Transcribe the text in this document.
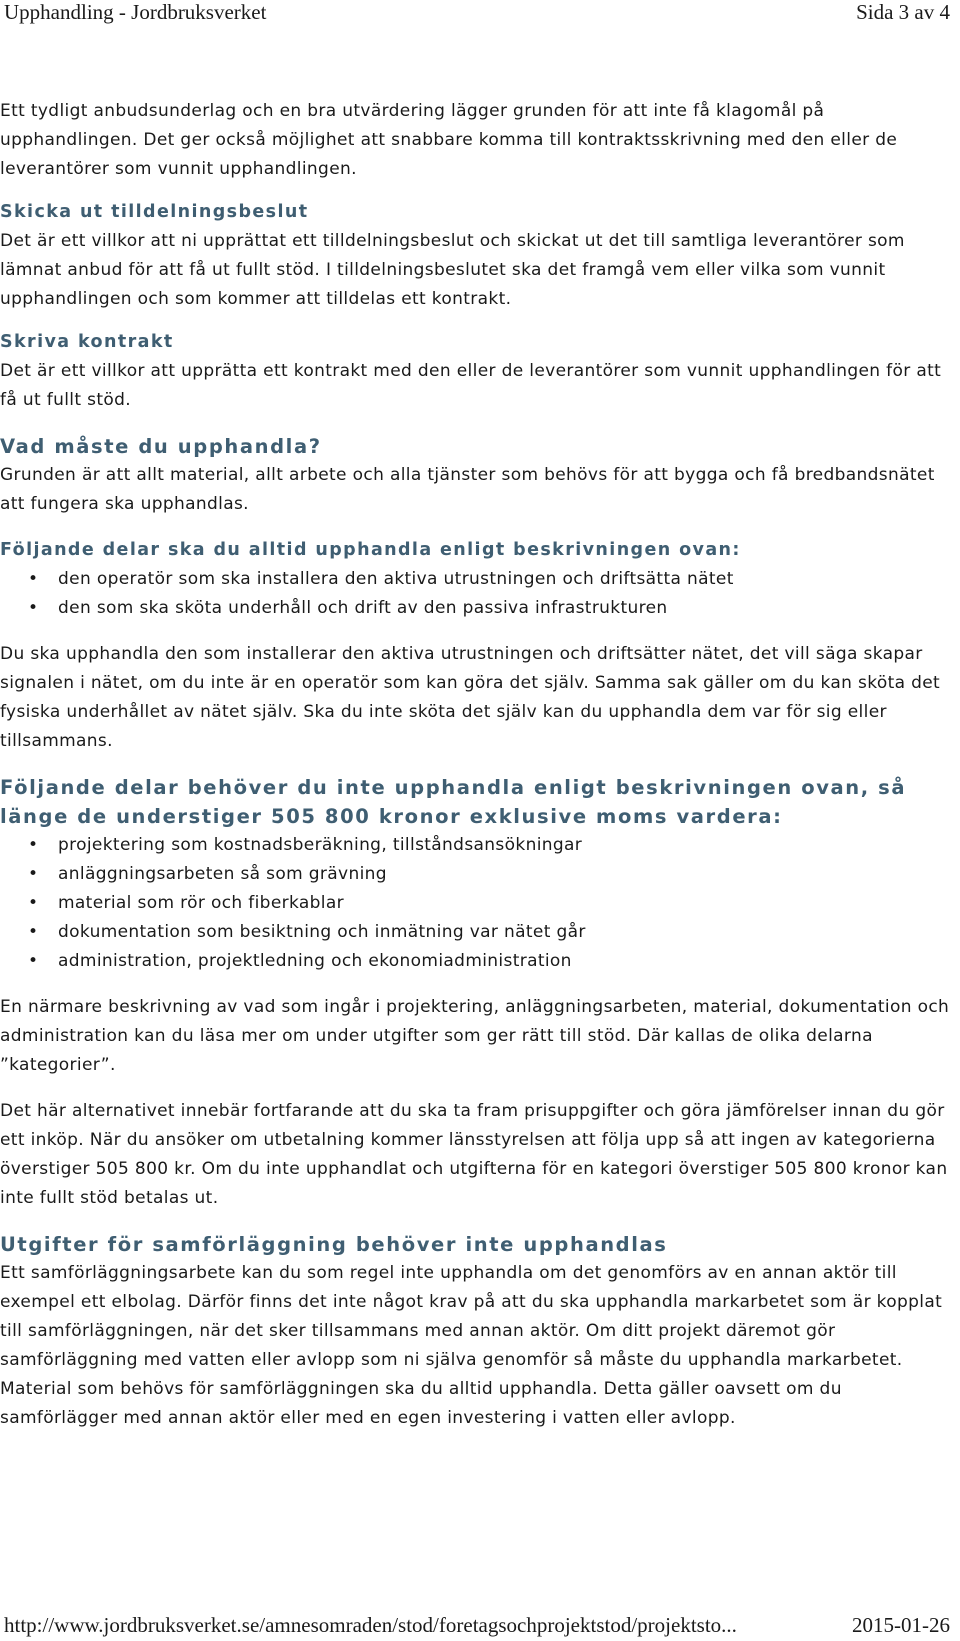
Upphandling - Jordbruksverket	Sida 3 av 4

Ett tydligt anbudsunderlag och en bra utvärdering lägger grunden för att inte få klagomål på upphandlingen. Det ger också möjlighet att snabbare komma till kontraktsskrivning med den eller de leverantörer som vunnit upphandlingen.

Skicka ut tilldelningsbeslut

Det är ett villkor att ni upprättat ett tilldelningsbeslut och skickat ut det till samtliga leverantörer som lämnat anbud för att få ut fullt stöd. I tilldelningsbeslutet ska det framgå vem eller vilka som vunnit upphandlingen och som kommer att tilldelas ett kontrakt.

Skriva kontrakt

Det är ett villkor att upprätta ett kontrakt med den eller de leverantörer som vunnit upphandlingen för att få ut fullt stöd.

Vad måste du upphandla?

Grunden är att allt material, allt arbete och alla tjänster som behövs för att bygga och få bredbandsnätet att fungera ska upphandlas.

Följande delar ska du alltid upphandla enligt beskrivningen ovan:
• den operatör som ska installera den aktiva utrustningen och driftsätta nätet
• den som ska sköta underhåll och drift av den passiva infrastrukturen

Du ska upphandla den som installerar den aktiva utrustningen och driftsätter nätet, det vill säga skapar signalen i nätet, om du inte är en operatör som kan göra det själv. Samma sak gäller om du kan sköta det fysiska underhållet av nätet själv. Ska du inte sköta det själv kan du upphandla dem var för sig eller tillsammans.

Följande delar behöver du inte upphandla enligt beskrivningen ovan, så länge de understiger 505 800 kronor exklusive moms vardera:
• projektering som kostnadsberäkning, tillståndsansökningar
• anläggningsarbeten så som grävning
• material som rör och fiberkablar
• dokumentation som besiktning och inmätning var nätet går
• administration, projektledning och ekonomiadministration

En närmare beskrivning av vad som ingår i projektering, anläggningsarbeten, material, dokumentation och administration kan du läsa mer om under utgifter som ger rätt till stöd. Där kallas de olika delarna ”kategorier”.

Det här alternativet innebär fortfarande att du ska ta fram prisuppgifter och göra jämförelser innan du gör ett inköp. När du ansöker om utbetalning kommer länsstyrelsen att följa upp så att ingen av kategorierna överstiger 505 800 kr. Om du inte upphandlat och utgifterna för en kategori överstiger 505 800 kronor kan inte fullt stöd betalas ut.

Utgifter för samförläggning behöver inte upphandlas

Ett samförläggningsarbete kan du som regel inte upphandla om det genomförs av en annan aktör till exempel ett elbolag. Därför finns det inte något krav på att du ska upphandla markarbetet som är kopplat till samförläggningen, när det sker tillsammans med annan aktör. Om ditt projekt däremot gör samförläggning med vatten eller avlopp som ni själva genomför så måste du upphandla markarbetet. Material som behövs för samförläggningen ska du alltid upphandla. Detta gäller oavsett om du samförlägger med annan aktör eller med en egen investering i vatten eller avlopp.

http://www.jordbruksverket.se/amnesomraden/stod/foretagsochprojektstod/projektsto...	2015-01-26
